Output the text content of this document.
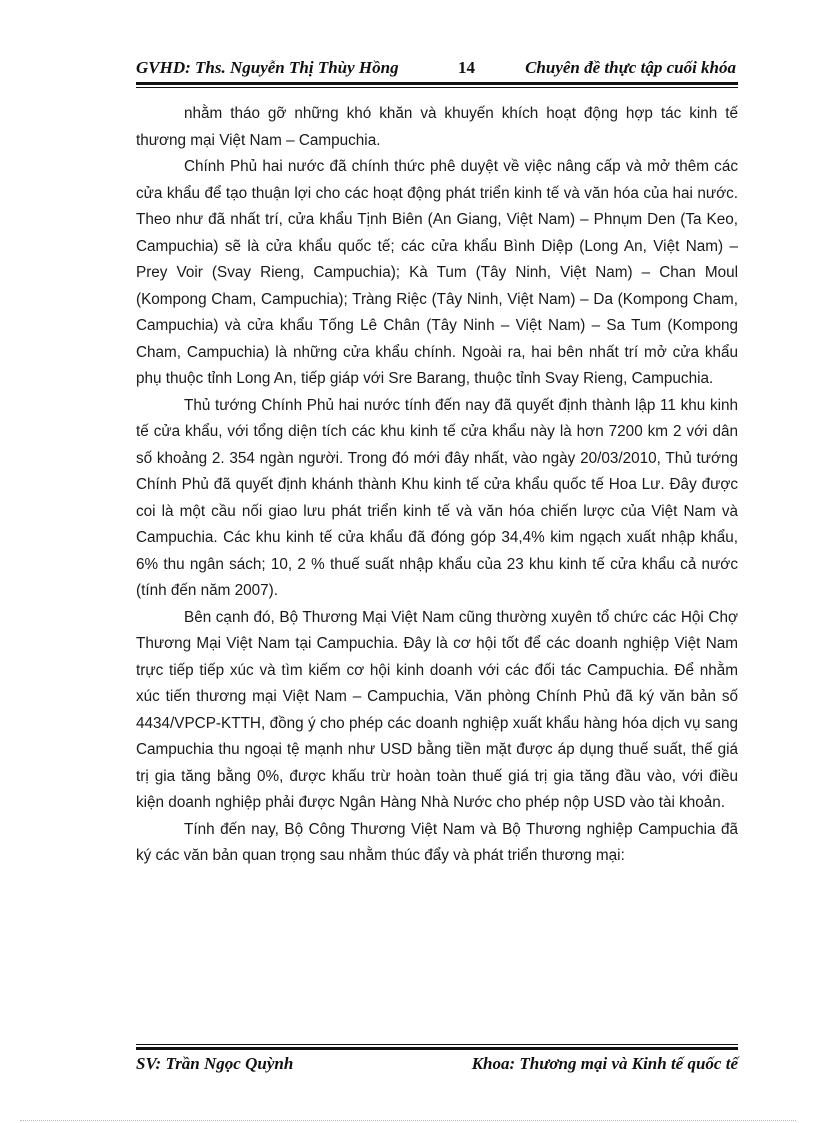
GVHD: Ths. Nguyễn Thị Thùy Hồng	14	Chuyên đề thực tập cuối khóa

nhằm tháo gỡ những khó khăn và khuyến khích hoạt động hợp tác kinh tế thương mại Việt Nam – Campuchia.

Chính Phủ hai nước đã chính thức phê duyệt về việc nâng cấp và mở thêm các cửa khẩu để tạo thuận lợi cho các hoạt động phát triển kinh tế và văn hóa của hai nước. Theo như đã nhất trí, cửa khẩu Tịnh Biên (An Giang, Việt Nam) – Phnụm Den (Ta Keo, Campuchia) sẽ là cửa khẩu quốc tế; các cửa khẩu Bình Diệp (Long An, Việt Nam) – Prey Voir (Svay Rieng, Campuchia); Kà Tum (Tây Ninh, Việt Nam) – Chan Moul (Kompong Cham, Campuchia); Tràng Riệc (Tây Ninh, Việt Nam) – Da (Kompong Cham, Campuchia) và cửa khẩu Tống Lê Chân (Tây Ninh – Việt Nam) – Sa Tum (Kompong Cham, Campuchia) là những cửa khẩu chính. Ngoài ra, hai bên nhất trí mở cửa khẩu phụ thuộc tỉnh Long An, tiếp giáp với Sre Barang, thuộc tỉnh Svay Rieng, Campuchia.

Thủ tướng Chính Phủ hai nước tính đến nay đã quyết định thành lập 11 khu kinh tế cửa khẩu, với tổng diện tích các khu kinh tế cửa khẩu này là hơn 7200 km 2 với dân số khoảng 2. 354 ngàn người. Trong đó mới đây nhất, vào ngày 20/03/2010, Thủ tướng Chính Phủ đã quyết định khánh thành Khu kinh tế cửa khẩu quốc tế Hoa Lư. Đây được coi là một cầu nối giao lưu phát triển kinh tế và văn hóa chiến lược của Việt Nam và Campuchia. Các khu kinh tế cửa khẩu đã đóng góp 34,4% kim ngạch xuất nhập khẩu, 6% thu ngân sách; 10, 2 % thuế suất nhập khẩu của 23 khu kinh tế cửa khẩu cả nước (tính đến năm 2007).

Bên cạnh đó, Bộ Thương Mại Việt Nam cũng thường xuyên tổ chức các Hội Chợ Thương Mại Việt Nam tại Campuchia. Đây là cơ hội tốt để các doanh nghiệp Việt Nam trực tiếp tiếp xúc và tìm kiếm cơ hội kinh doanh với các đối tác Campuchia. Để nhằm xúc tiến thương mại Việt Nam – Campuchia, Văn phòng Chính Phủ đã ký văn bản số 4434/VPCP-KTTH, đồng ý cho phép các doanh nghiệp xuất khẩu hàng hóa dịch vụ sang Campuchia thu ngoại tệ mạnh như USD bằng tiền mặt được áp dụng thuế suất, thế giá trị gia tăng bằng 0%, được khấu trừ hoàn toàn thuế giá trị gia tăng đầu vào, với điều kiện doanh nghiệp phải được Ngân Hàng Nhà Nước cho phép nộp USD vào tài khoản.

Tính đến nay, Bộ Công Thương Việt Nam và Bộ Thương nghiệp Campuchia đã ký các văn bản quan trọng sau nhằm thúc đẩy và phát triển thương mại:

SV: Trần Ngọc Quỳnh	Khoa: Thương mại và Kinh tế quốc tế
